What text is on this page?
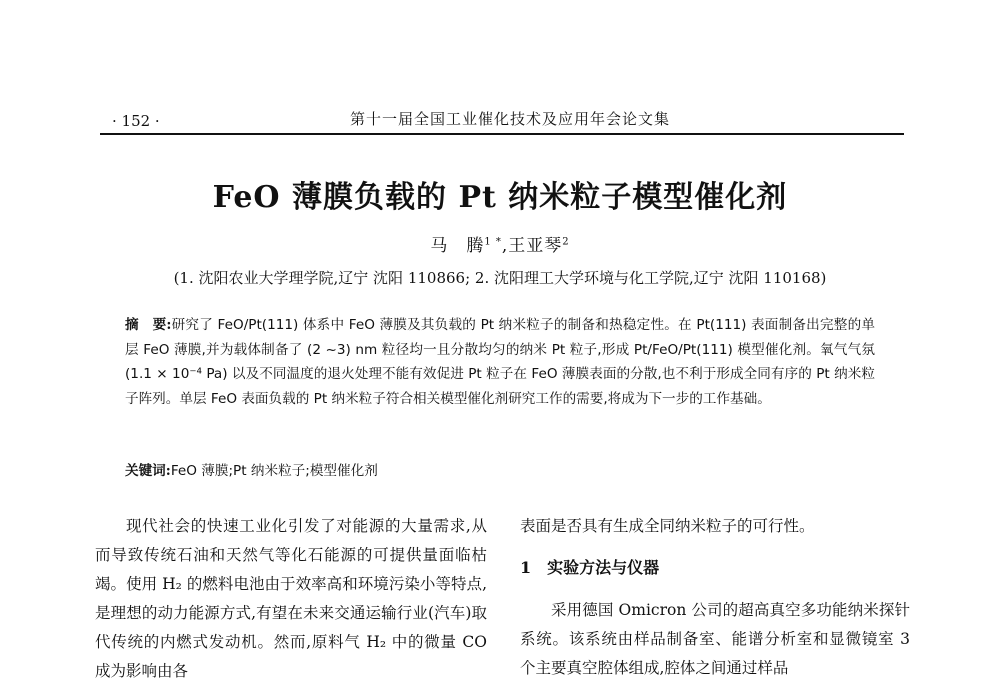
· 152 ·	第十一届全国工业催化技术及应用年会论文集
FeO 薄膜负载的 Pt 纳米粒子模型催化剂
马　腾$^{1 *}$,王亚琴$^2$
(1. 沈阳农业大学理学院,辽宁 沈阳 110866; 2. 沈阳理工大学环境与化工学院,辽宁 沈阳 110168)
摘　要:研究了 FeO/Pt(111) 体系中 FeO 薄膜及其负载的 Pt 纳米粒子的制备和热稳定性。在 Pt(111) 表面制备出完整的单层 FeO 薄膜,并为载体制备了 (2 ~3) nm 粒径均一且分散均匀的纳米 Pt 粒子,形成 Pt/FeO/Pt(111) 模型催化剂。氧气气氛 (1.1 × 10⁻⁴ Pa) 以及不同温度的退火处理不能有效促进 Pt 粒子在 FeO 薄膜表面的分散,也不利于形成全同有序的 Pt 纳米粒子阵列。单层 FeO 表面负载的 Pt 纳米粒子符合相关模型催化剂研究工作的需要,将成为下一步的工作基础。
关键词:FeO 薄膜;Pt 纳米粒子;模型催化剂

现代社会的快速工业化引发了对能源的大量需求,从而导致传统石油和天然气等化石能源的可提供量面临枯竭。使用 H₂ 的燃料电池由于效率高和环境污染小等特点,是理想的动力能源方式,有望在未来交通运输行业(汽车)取代传统的内燃式发动机。然而,原料气 H₂ 中的微量 CO 成为影响由各

表面是否具有生成全同纳米粒子的可行性。

1 实验方法与仪器

采用德国 Omicron 公司的超高真空多功能纳米探针系统。该系统由样品制备室、能谱分析室和显微镜室 3 个主要真空腔体组成,腔体之间通过样品
